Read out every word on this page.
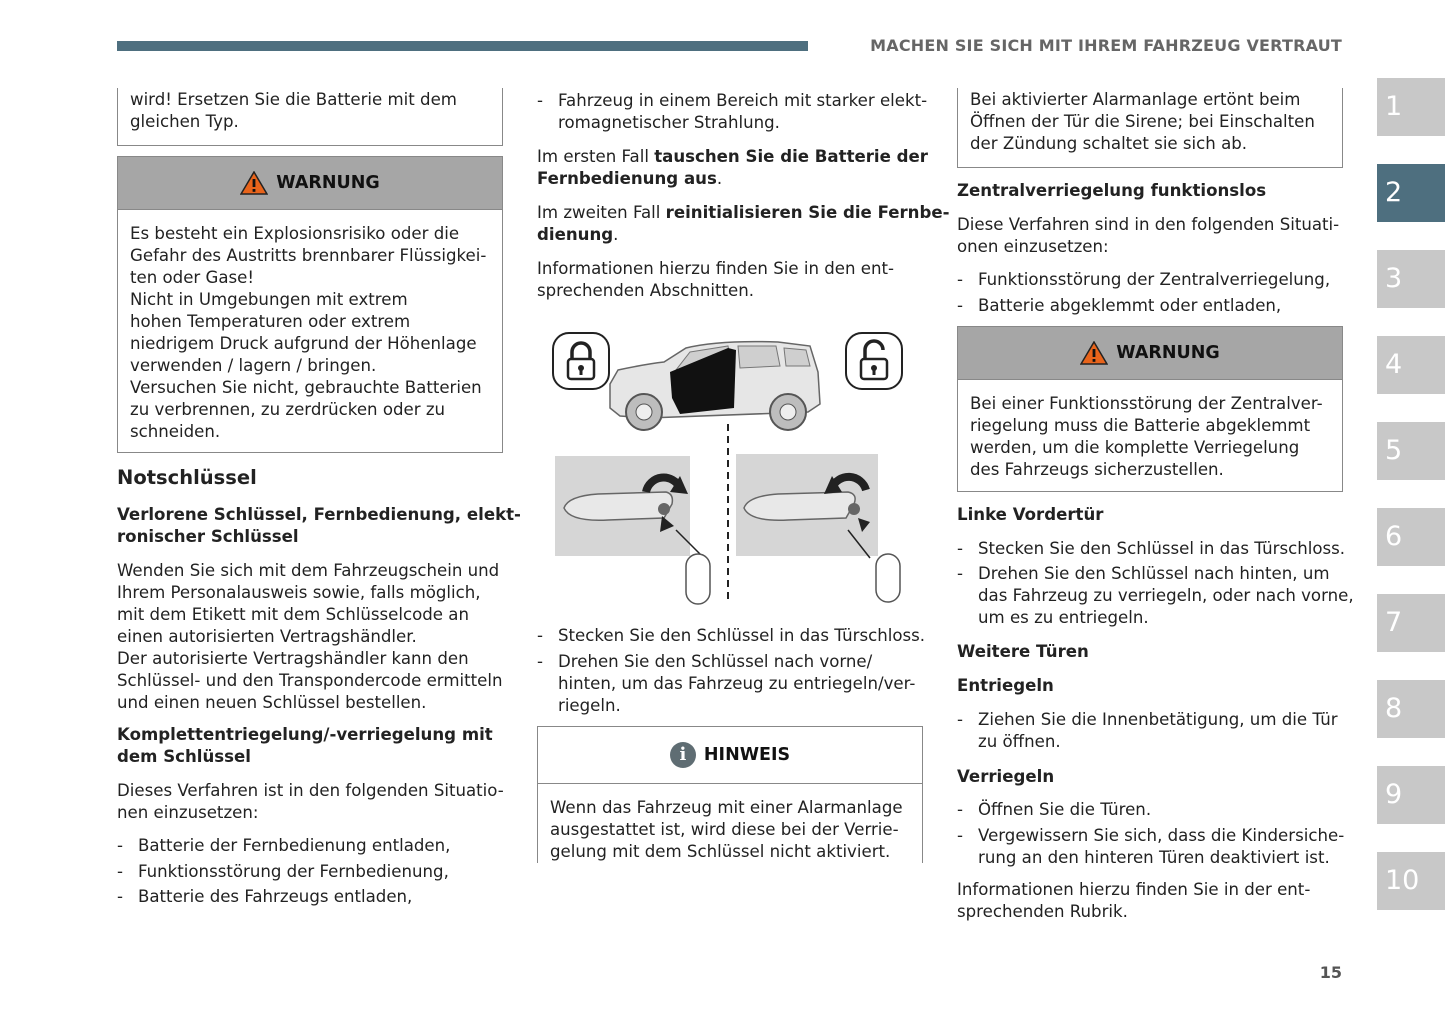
MACHEN SIE SICH MIT IHREM FAHRZEUG VERTRAUT
1
2
3
4
5
6
7
8
9
10
wird! Ersetzen Sie die Batterie mit dem
gleichen Typ.
WARNUNG
Es besteht ein Explosionsrisiko oder die
Gefahr des Austritts brennbarer Flüssigkei-
ten oder Gase!
Nicht in Umgebungen mit extrem
hohen Temperaturen oder extrem
niedrigem Druck aufgrund der Höhenlage
verwenden / lagern / bringen.
Versuchen Sie nicht, gebrauchte Batterien
zu verbrennen, zu zerdrücken oder zu
schneiden.
Notschlüssel
Verlorene Schlüssel, Fernbedienung, elekt-
ronischer Schlüssel
Wenden Sie sich mit dem Fahrzeugschein und
Ihrem Personalausweis sowie, falls möglich,
mit dem Etikett mit dem Schlüsselcode an
einen autorisierten Vertragshändler.
Der autorisierte Vertragshändler kann den
Schlüssel- und den Transpondercode ermitteln
und einen neuen Schlüssel bestellen.
Komplettentriegelung/-verriegelung mit
dem Schlüssel
Dieses Verfahren ist in den folgenden Situatio-
nen einzusetzen:
- Batterie der Fernbedienung entladen,
- Funktionsstörung der Fernbedienung,
- Batterie des Fahrzeugs entladen,
- Fahrzeug in einem Bereich mit starker elekt-
romagnetischer Strahlung.
Im ersten Fall tauschen Sie die Batterie der
Fernbedienung aus.
Im zweiten Fall reinitialisieren Sie die Fernbe-
dienung.
Informationen hierzu finden Sie in den ent-
sprechenden Abschnitten.
- Stecken Sie den Schlüssel in das Türschloss.
- Drehen Sie den Schlüssel nach vorne/
hinten, um das Fahrzeug zu entriegeln/ver-
riegeln.
i	HINWEIS
Wenn das Fahrzeug mit einer Alarmanlage
ausgestattet ist, wird diese bei der Verrie-
gelung mit dem Schlüssel nicht aktiviert.
Bei aktivierter Alarmanlage ertönt beim
Öffnen der Tür die Sirene; bei Einschalten
der Zündung schaltet sie sich ab.
Zentralverriegelung funktionslos
Diese Verfahren sind in den folgenden Situati-
onen einzusetzen:
- Funktionsstörung der Zentralverriegelung,
- Batterie abgeklemmt oder entladen,
WARNUNG
Bei einer Funktionsstörung der Zentralver-
riegelung muss die Batterie abgeklemmt
werden, um die komplette Verriegelung
des Fahrzeugs sicherzustellen.
Linke Vordertür
- Stecken Sie den Schlüssel in das Türschloss.
- Drehen Sie den Schlüssel nach hinten, um
das Fahrzeug zu verriegeln, oder nach vorne,
um es zu entriegeln.
Weitere Türen
Entriegeln
- Ziehen Sie die Innenbetätigung, um die Tür
zu öffnen.
Verriegeln
- Öffnen Sie die Türen.
- Vergewissern Sie sich, dass die Kindersiche-
rung an den hinteren Türen deaktiviert ist.
Informationen hierzu finden Sie in der ent-
sprechenden Rubrik.
15
